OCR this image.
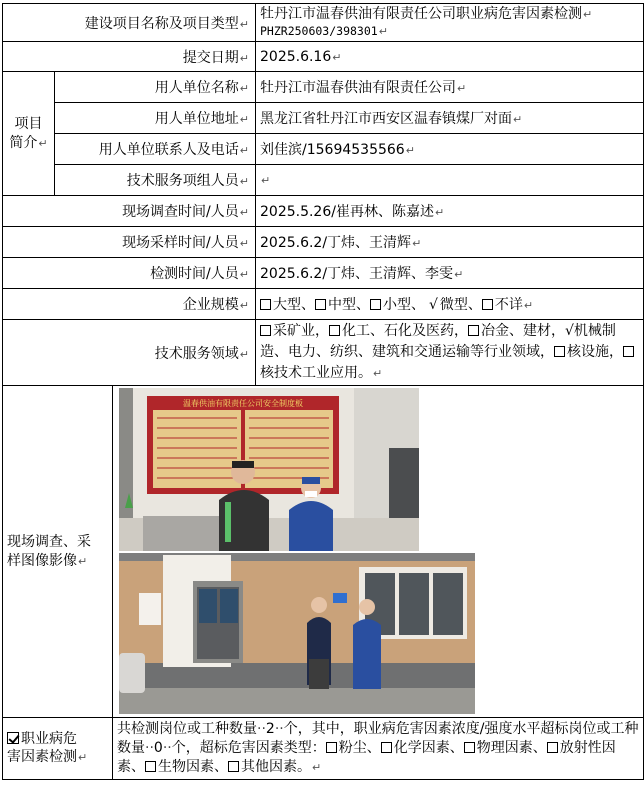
建设项目名称及项目类型↵			牡丹江市温春供油有限责任公司职业病危害因素检测↵
PHZR250603/398301↵
提交日期↵			2025.6.16↵
项目
简介↵	用人单位名称↵		牡丹江市温春供油有限责任公司↵
	用人单位地址↵		黑龙江省牡丹江市西安区温春镇煤厂对面↵
	用人单位联系人及电话↵		刘佳滨/15694535566↵
	技术服务项组人员↵		↵
现场调查时间/人员↵			2025.5.26/崔再林、陈嘉述↵
现场采样时间/人员↵			2025.6.2/丁炜、王清辉↵
检测时间/人员↵			2025.6.2/丁炜、王清辉、李雯↵
企业规模↵			大型、 中型、 小型、 √ 微型、 不详↵
技术服务领域↵			采矿业， 化工、石化及医药， 冶金、建材，√机械制造、电力、纺织、建筑和交通运输等行业领域， 核设施，核技术工业应用。↵
现场调查、采
样图像影像↵		温春供油有限责任公司安全制度板	

职业病危
害因素检测↵		共检测岗位或工种数量··2··个，其中，职业病危害因素浓度/强度水平超标岗位或工种数量··0··个，超标危害因素类型： 粉尘、 化学因素、 物理因素、 放射性因素、 生物因素、 其他因素。↵	
